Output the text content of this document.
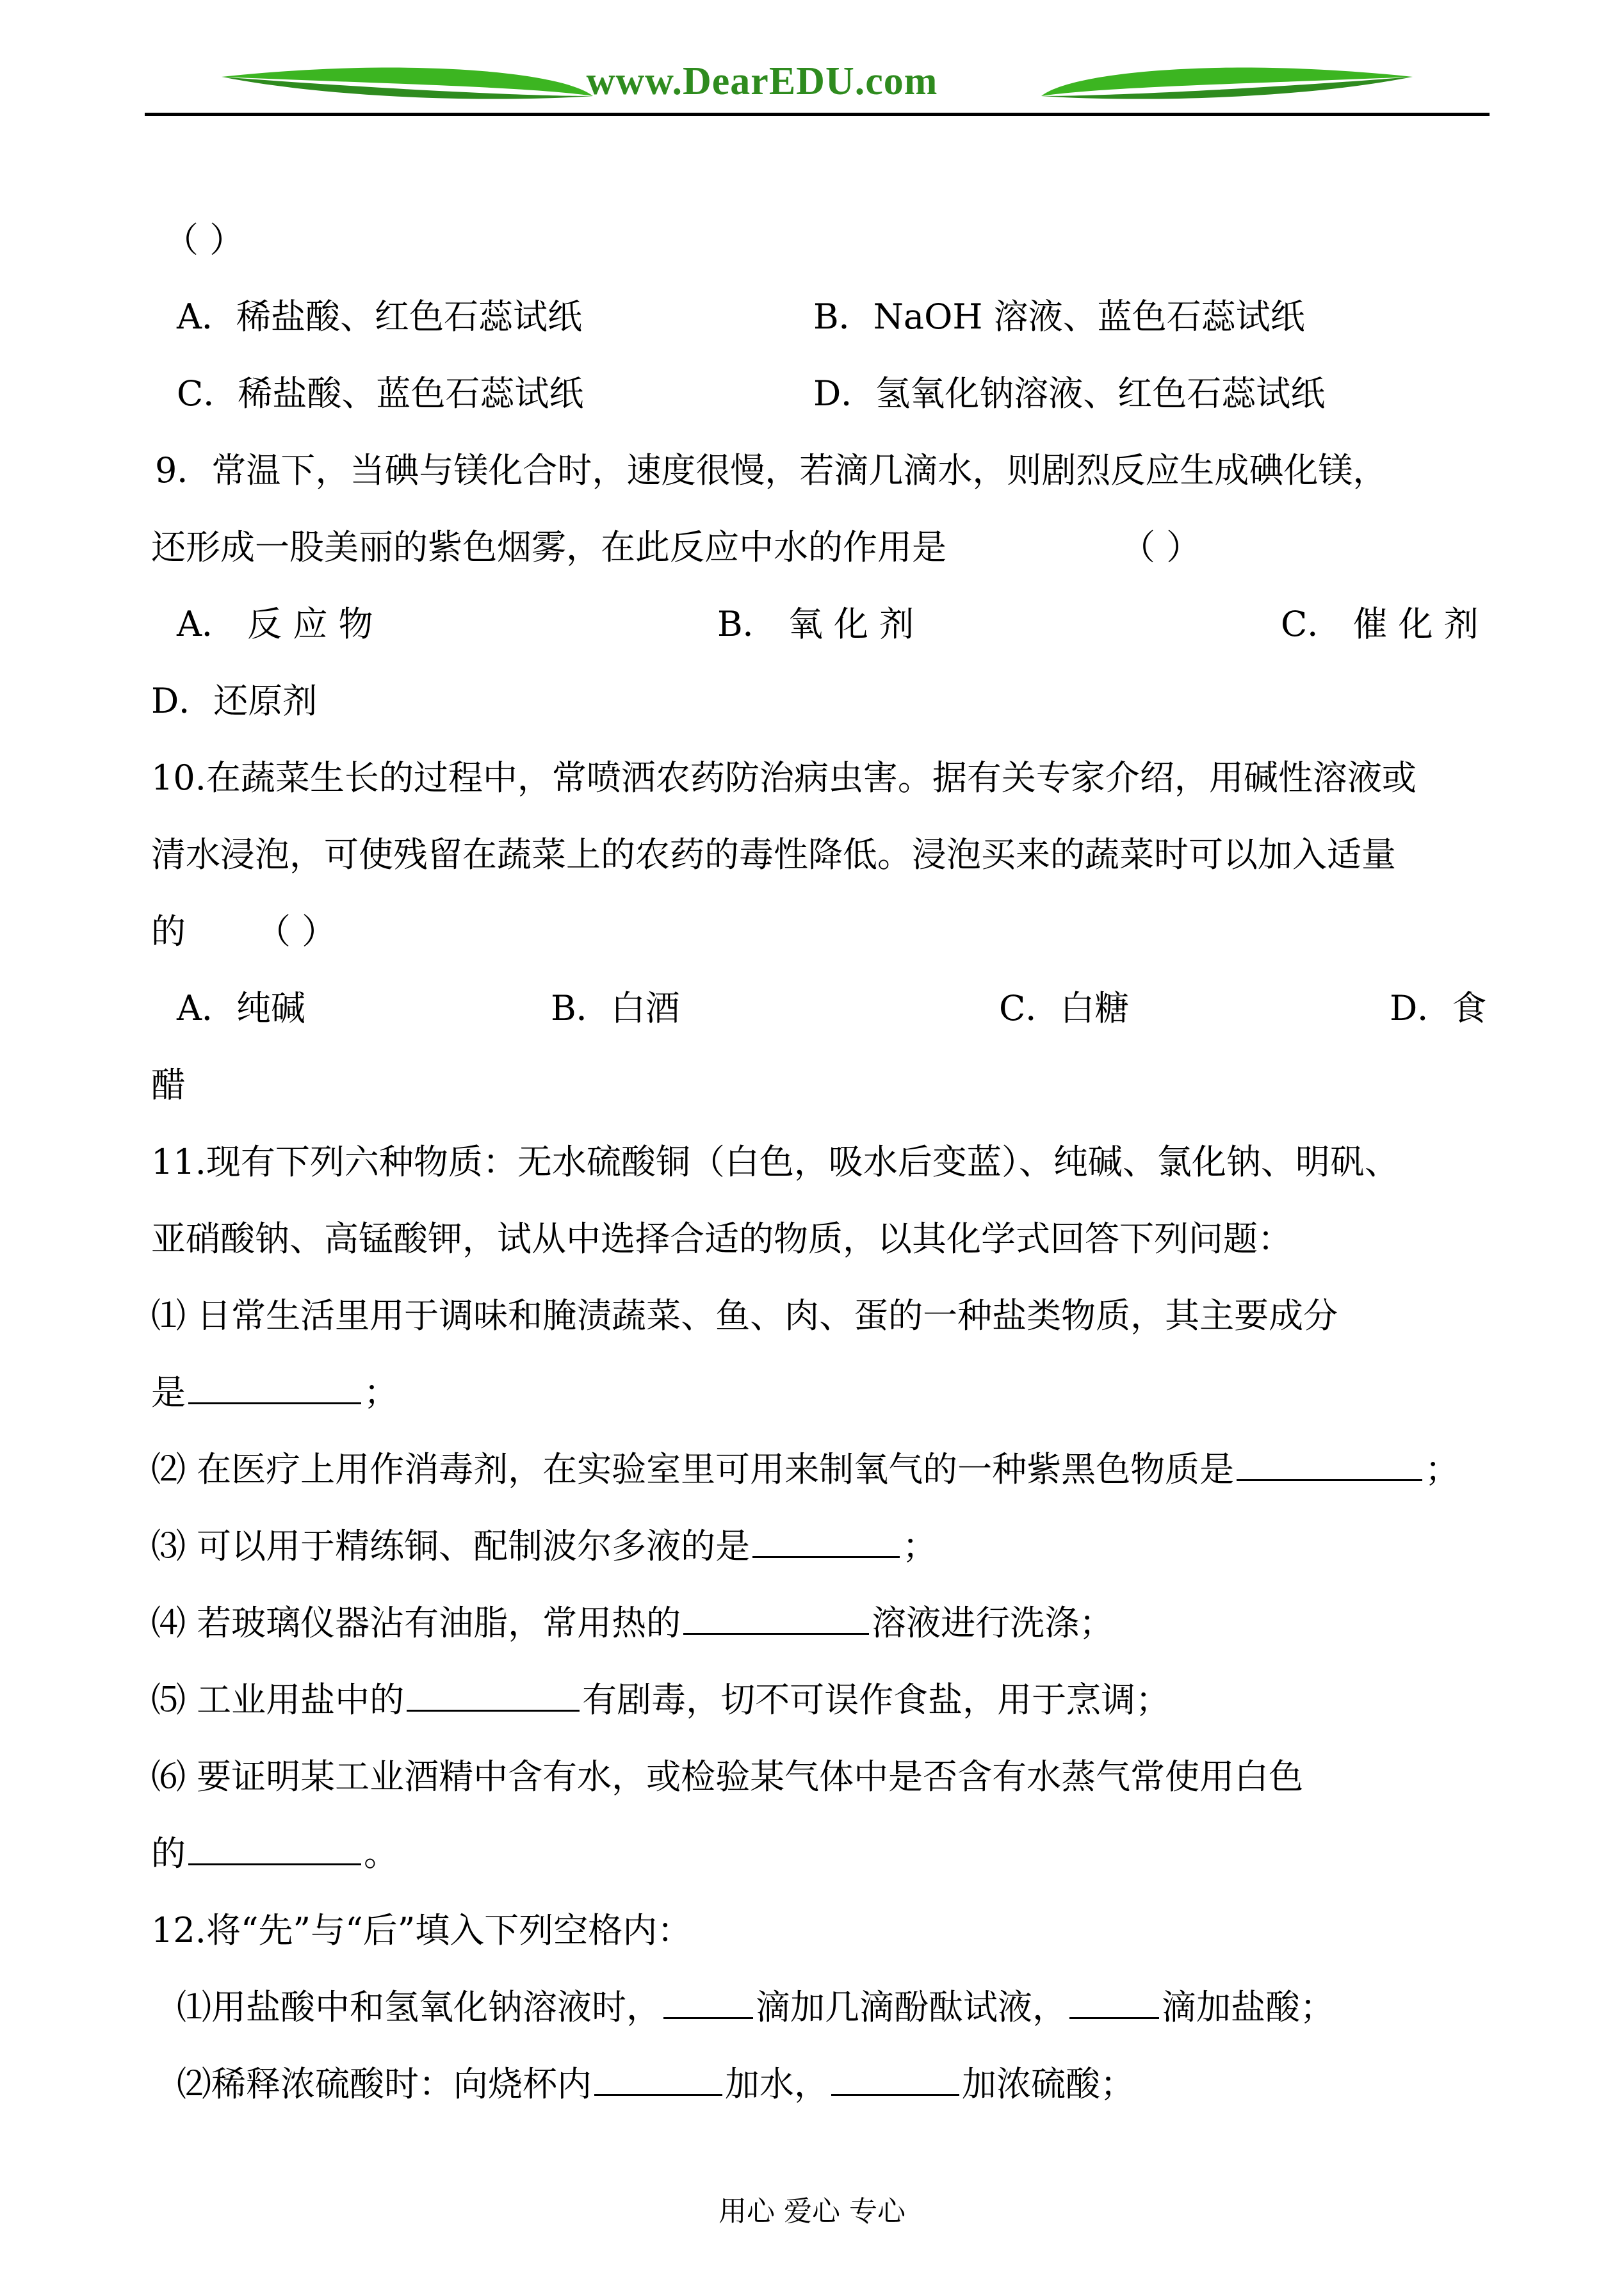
www.DearEDU.com
（ ）
A．稀盐酸、红色石蕊试纸	B．NaOH 溶液、蓝色石蕊试纸
C．稀盐酸、蓝色石蕊试纸	D．氢氧化钠溶液、红色石蕊试纸
9．常温下，当碘与镁化合时，速度很慢，若滴几滴水，则剧烈反应生成碘化镁，
还形成一股美丽的紫色烟雾，在此反应中水的作用是	（ ）
A． 反 应 物	B． 氧 化 剂	C． 催 化 剂
D．还原剂
10.在蔬菜生长的过程中，常喷洒农药防治病虫害。据有关专家介绍，用碱性溶液或
清水浸泡，可使残留在蔬菜上的农药的毒性降低。浸泡买来的蔬菜时可以加入适量
的 （ ）
A．纯碱	B．白酒	C．白糖	D．食
醋
11.现有下列六种物质：无水硫酸铜（白色，吸水后变蓝）、纯碱、氯化钠、明矾、
亚硝酸钠、高锰酸钾，试从中选择合适的物质，以其化学式回答下列问题：
⑴ 日常生活里用于调味和腌渍蔬菜、鱼、肉、蛋的一种盐类物质，其主要成分
是	；
⑵ 在医疗上用作消毒剂，在实验室里可用来制氧气的一种紫黑色物质是	；
⑶ 可以用于精练铜、配制波尔多液的是	；
⑷ 若玻璃仪器沾有油脂，常用热的	溶液进行洗涤；
⑸ 工业用盐中的	有剧毒，切不可误作食盐，用于烹调；
⑹ 要证明某工业酒精中含有水，或检验某气体中是否含有水蒸气常使用白色
的	。
12.将“先”与“后”填入下列空格内：
⑴用盐酸中和氢氧化钠溶液时，	滴加几滴酚酞试液，	滴加盐酸；
⑵稀释浓硫酸时：向烧杯内	加水，	加浓硫酸；
用心 爱心 专心
